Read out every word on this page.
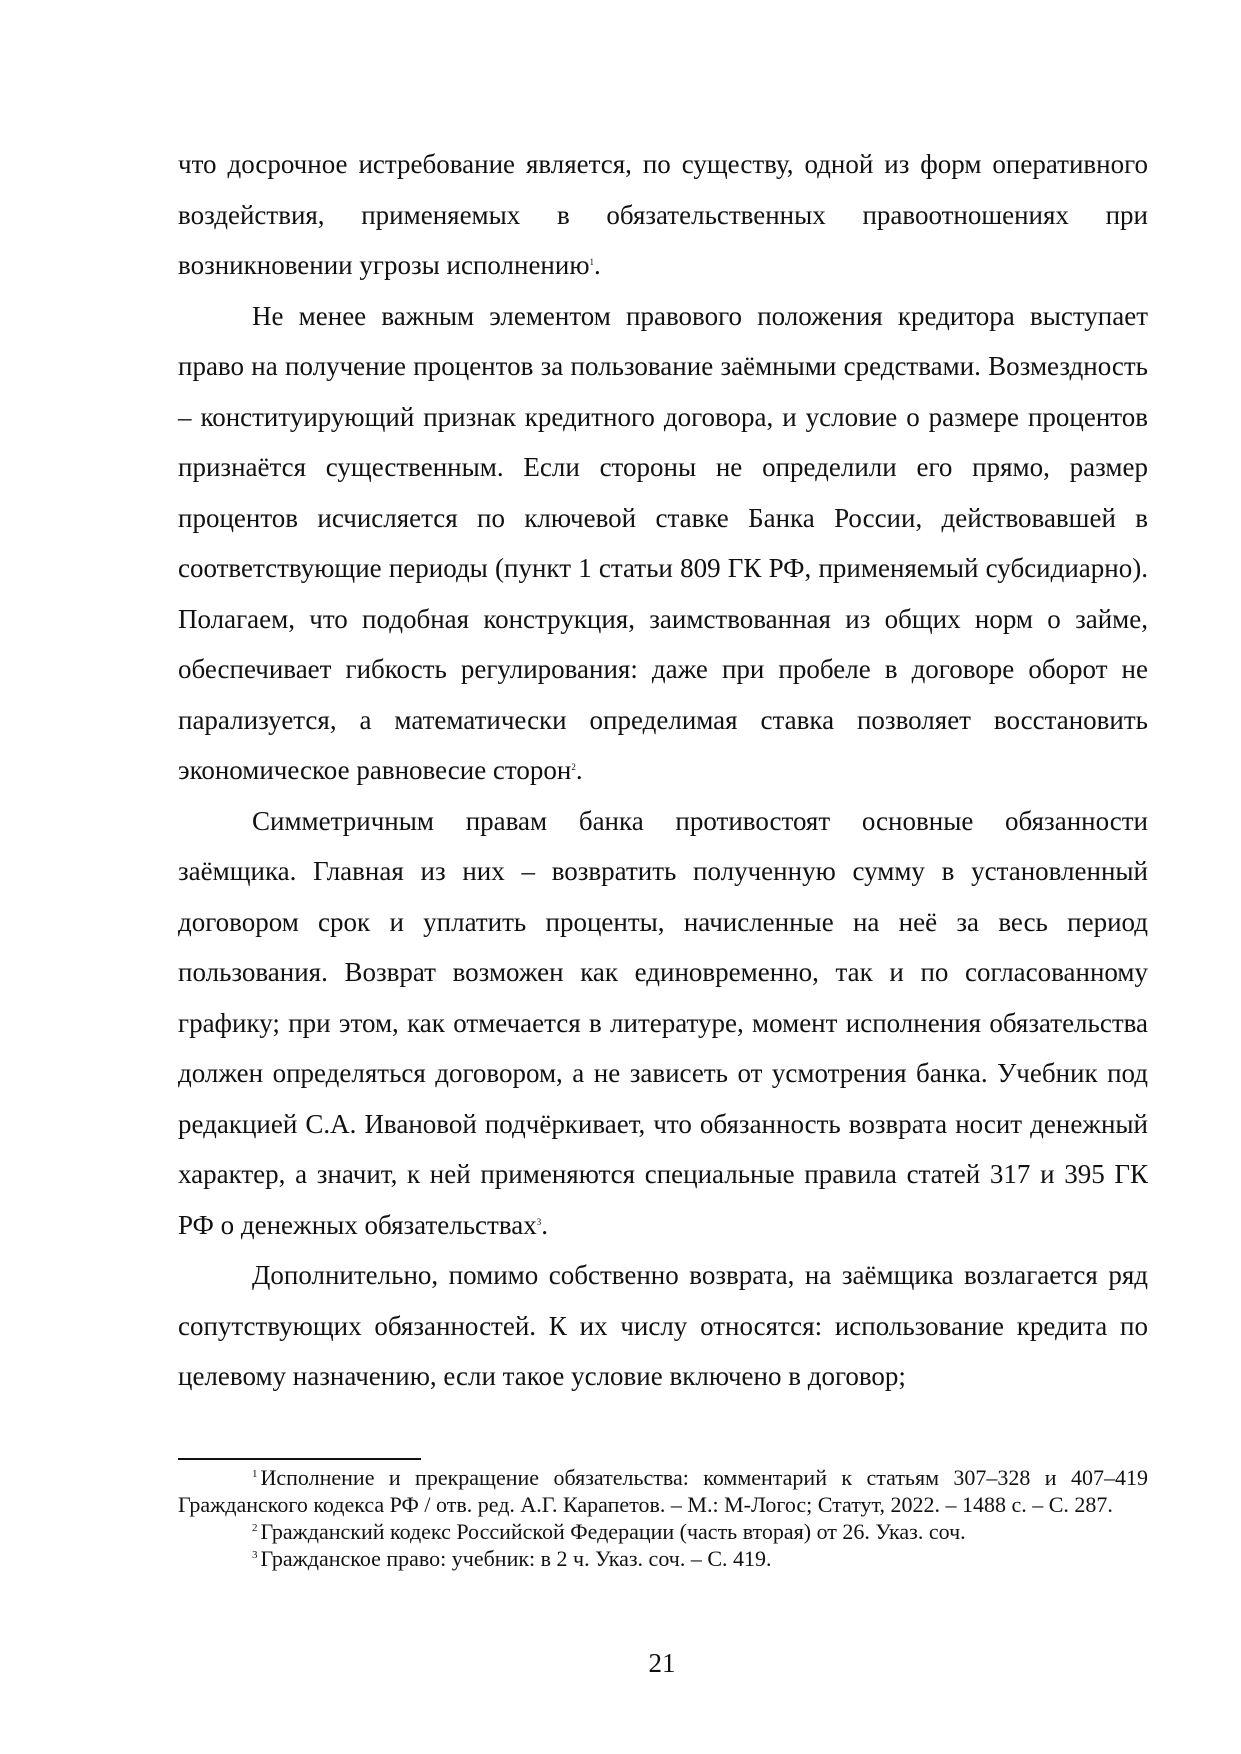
что досрочное истребование является, по существу, одной из форм оперативного воздействия, применяемых в обязательственных правоотношениях при возникновении угрозы исполнению$^1$.

Не менее важным элементом правового положения кредитора выступает право на получение процентов за пользование заёмными средствами. Возмездность – конституирующий признак кредитного договора, и условие о размере процентов признаётся существенным. Если стороны не определили его прямо, размер процентов исчисляется по ключевой ставке Банка России, действовавшей в соответствующие периоды (пункт 1 статьи 809 ГК РФ, применяемый субсидиарно). Полагаем, что подобная конструкция, заимствованная из общих норм о займе, обеспечивает гибкость регулирования: даже при пробеле в договоре оборот не парализуется, а математически определимая ставка позволяет восстановить экономическое равновесие сторон$^2$.

Симметричным правам банка противостоят основные обязанности заёмщика. Главная из них – возвратить полученную сумму в установленный договором срок и уплатить проценты, начисленные на неё за весь период пользования. Возврат возможен как единовременно, так и по согласованному графику; при этом, как отмечается в литературе, момент исполнения обязательства должен определяться договором, а не зависеть от усмотрения банка. Учебник под редакцией С.А. Ивановой подчёркивает, что обязанность возврата носит денежный характер, а значит, к ней применяются специальные правила статей 317 и 395 ГК РФ о денежных обязательствах$^3$.

Дополнительно, помимо собственно возврата, на заёмщика возлагается ряд сопутствующих обязанностей. К их числу относятся: использование кредита по целевому назначению, если такое условие включено в договор;

$^1$ Исполнение и прекращение обязательства: комментарий к статьям 307–328 и 407–419 Гражданского кодекса РФ / отв. ред. А.Г. Карапетов. – М.: М-Логос; Статут, 2022. – 1488 с. – С. 287.

$^2$ Гражданский кодекс Российской Федерации (часть вторая) от 26. Указ. соч.

$^3$ Гражданское право: учебник: в 2 ч. Указ. соч. – С. 419.

21
